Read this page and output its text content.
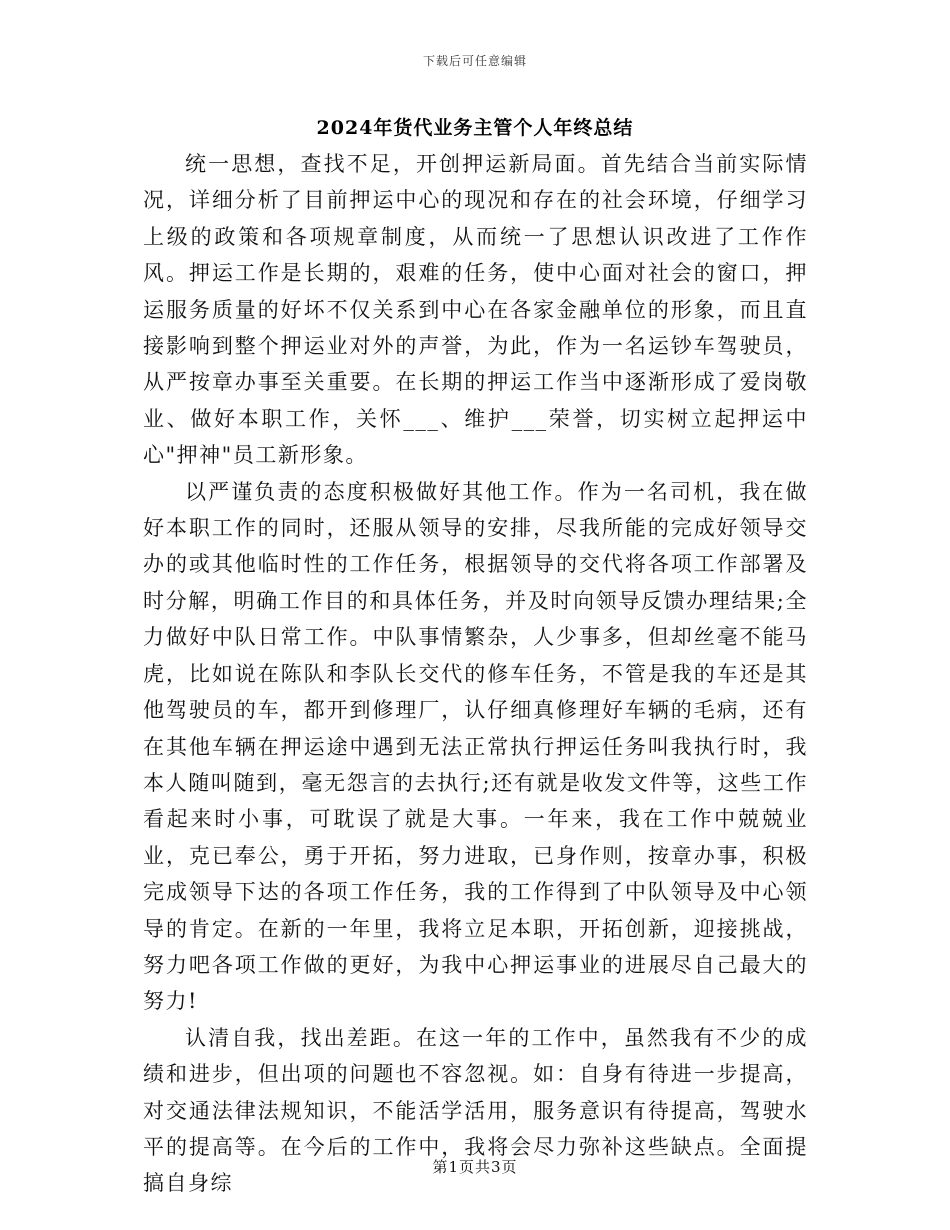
下载后可任意编辑
2024年货代业务主管个人年终总结

统一思想，查找不足，开创押运新局面。首先结合当前实际情况，详细分析了目前押运中心的现况和存在的社会环境，仔细学习上级的政策和各项规章制度，从而统一了思想认识改进了工作作风。押运工作是长期的，艰难的任务，使中心面对社会的窗口，押运服务质量的好坏不仅关系到中心在各家金融单位的形象，而且直接影响到整个押运业对外的声誉，为此，作为一名运钞车驾驶员，从严按章办事至关重要。在长期的押运工作当中逐渐形成了爱岗敬业、做好本职工作，关怀___、维护___荣誉，切实树立起押运中心"押神"员工新形象。

以严谨负责的态度积极做好其他工作。作为一名司机，我在做好本职工作的同时，还服从领导的安排，尽我所能的完成好领导交办的或其他临时性的工作任务，根据领导的交代将各项工作部署及时分解，明确工作目的和具体任务，并及时向领导反馈办理结果;全力做好中队日常工作。中队事情繁杂，人少事多，但却丝毫不能马虎，比如说在陈队和李队长交代的修车任务，不管是我的车还是其他驾驶员的车，都开到修理厂，认仔细真修理好车辆的毛病，还有在其他车辆在押运途中遇到无法正常执行押运任务叫我执行时，我本人随叫随到，毫无怨言的去执行;还有就是收发文件等，这些工作看起来时小事，可耽误了就是大事。一年来，我在工作中兢兢业业，克已奉公，勇于开拓，努力进取，已身作则，按章办事，积极完成领导下达的各项工作任务，我的工作得到了中队领导及中心领导的肯定。在新的一年里，我将立足本职，开拓创新，迎接挑战，努力吧各项工作做的更好，为我中心押运事业的进展尽自己最大的努力!

认清自我，找出差距。在这一年的工作中，虽然我有不少的成绩和进步，但出项的问题也不容忽视。如：自身有待进一步提高，对交通法律法规知识，不能活学活用，服务意识有待提高，驾驶水平的提高等。在今后的工作中，我将会尽力弥补这些缺点。全面提搞自身综

第1页共3页
